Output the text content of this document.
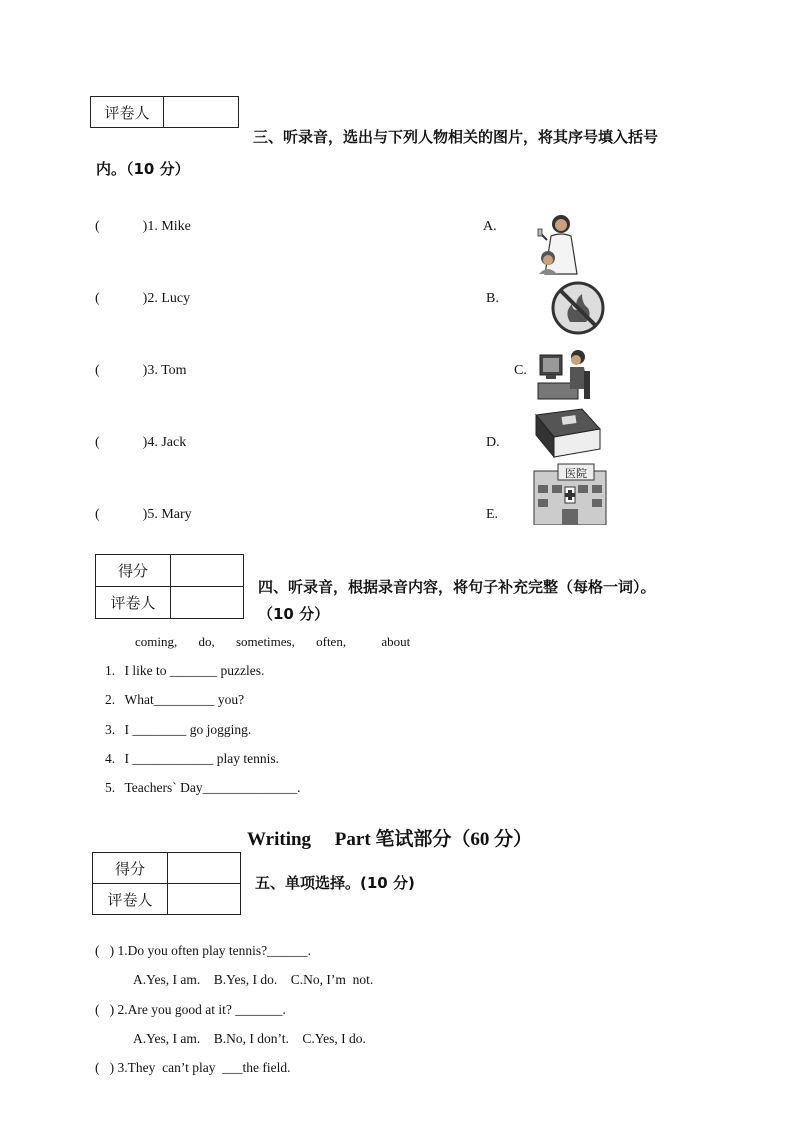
评卷人	
三、听录音，选出与下列人物相关的图片，将其序号填入括号
内。（10 分）
(	)1. Mike
(	)2. Lucy
(	)3. Tom
(	)4. Jack
(	)5. Mary
A.
B.
C.
D.
E.
医院
得分	
评卷人	
四、听录音，根据录音内容，将句子补充完整（每格一词）。
（10 分）
coming, do, sometimes, often,	about
1. I like to _______ puzzles.
2. What_________ you?
3. I ________ go jogging.
4. I ____________ play tennis.
5. Teachers` Day______________.
Writing     Part 笔试部分（60 分）
得分	
评卷人	
五、单项选择。(10 分)
(   ) 1.Do you often play tennis?______.
A.Yes, I am.    B.Yes, I do.    C.No, I’m  not.
(   ) 2.Are you good at it? _______.
A.Yes, I am.    B.No, I don’t.    C.Yes, I do.
(   ) 3.They  can’t play  ___the field.
